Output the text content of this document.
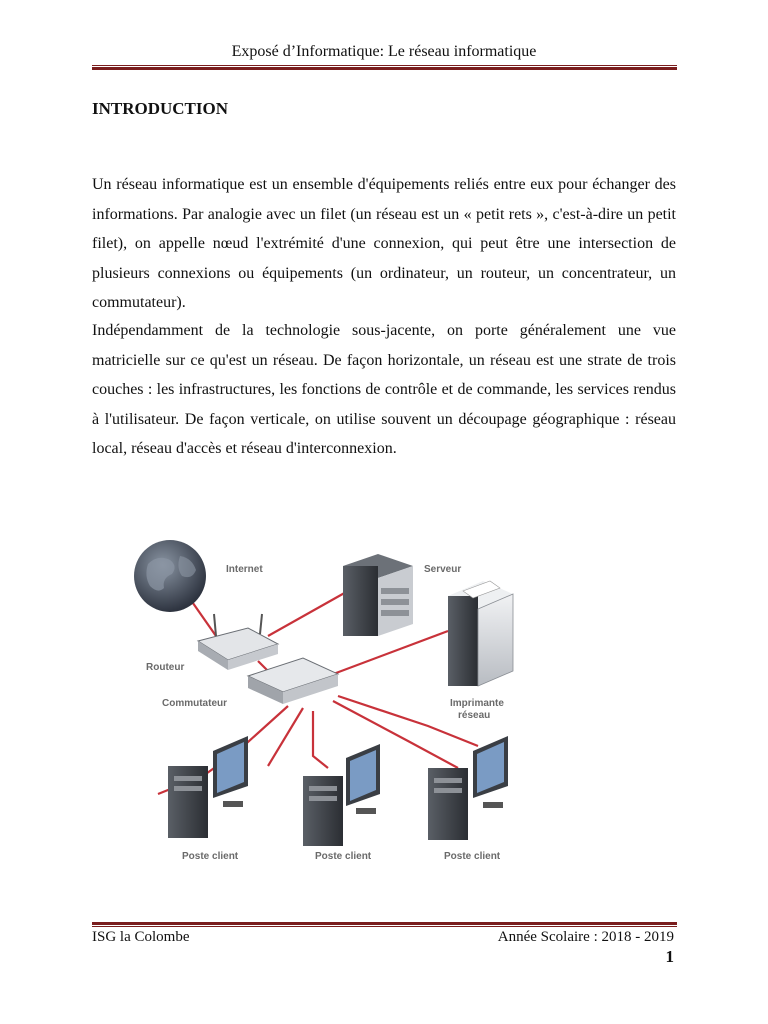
Exposé d’Informatique: Le réseau informatique
INTRODUCTION

Un réseau informatique est un ensemble d'équipements reliés entre eux pour échanger des informations. Par analogie avec un filet (un réseau est un « petit rets », c'est-à-dire un petit filet), on appelle nœud l'extrémité d'une connexion, qui peut être une intersection de plusieurs connexions ou équipements (un ordinateur, un routeur, un concentrateur, un commutateur).

Indépendamment de la technologie sous-jacente, on porte généralement une vue matricielle sur ce qu'est un réseau. De façon horizontale, un réseau est une strate de trois couches : les infrastructures, les fonctions de contrôle et de commande, les services rendus à l'utilisateur. De façon verticale, on utilise souvent un découpage géographique : réseau local, réseau d'accès et réseau d'interconnexion.

Internet	Serveur
Routeur
Commutateur	Imprimante
réseau
Poste client	Poste client	Poste client
ISG la Colombe	Année Scolaire : 2018 - 2019
1
